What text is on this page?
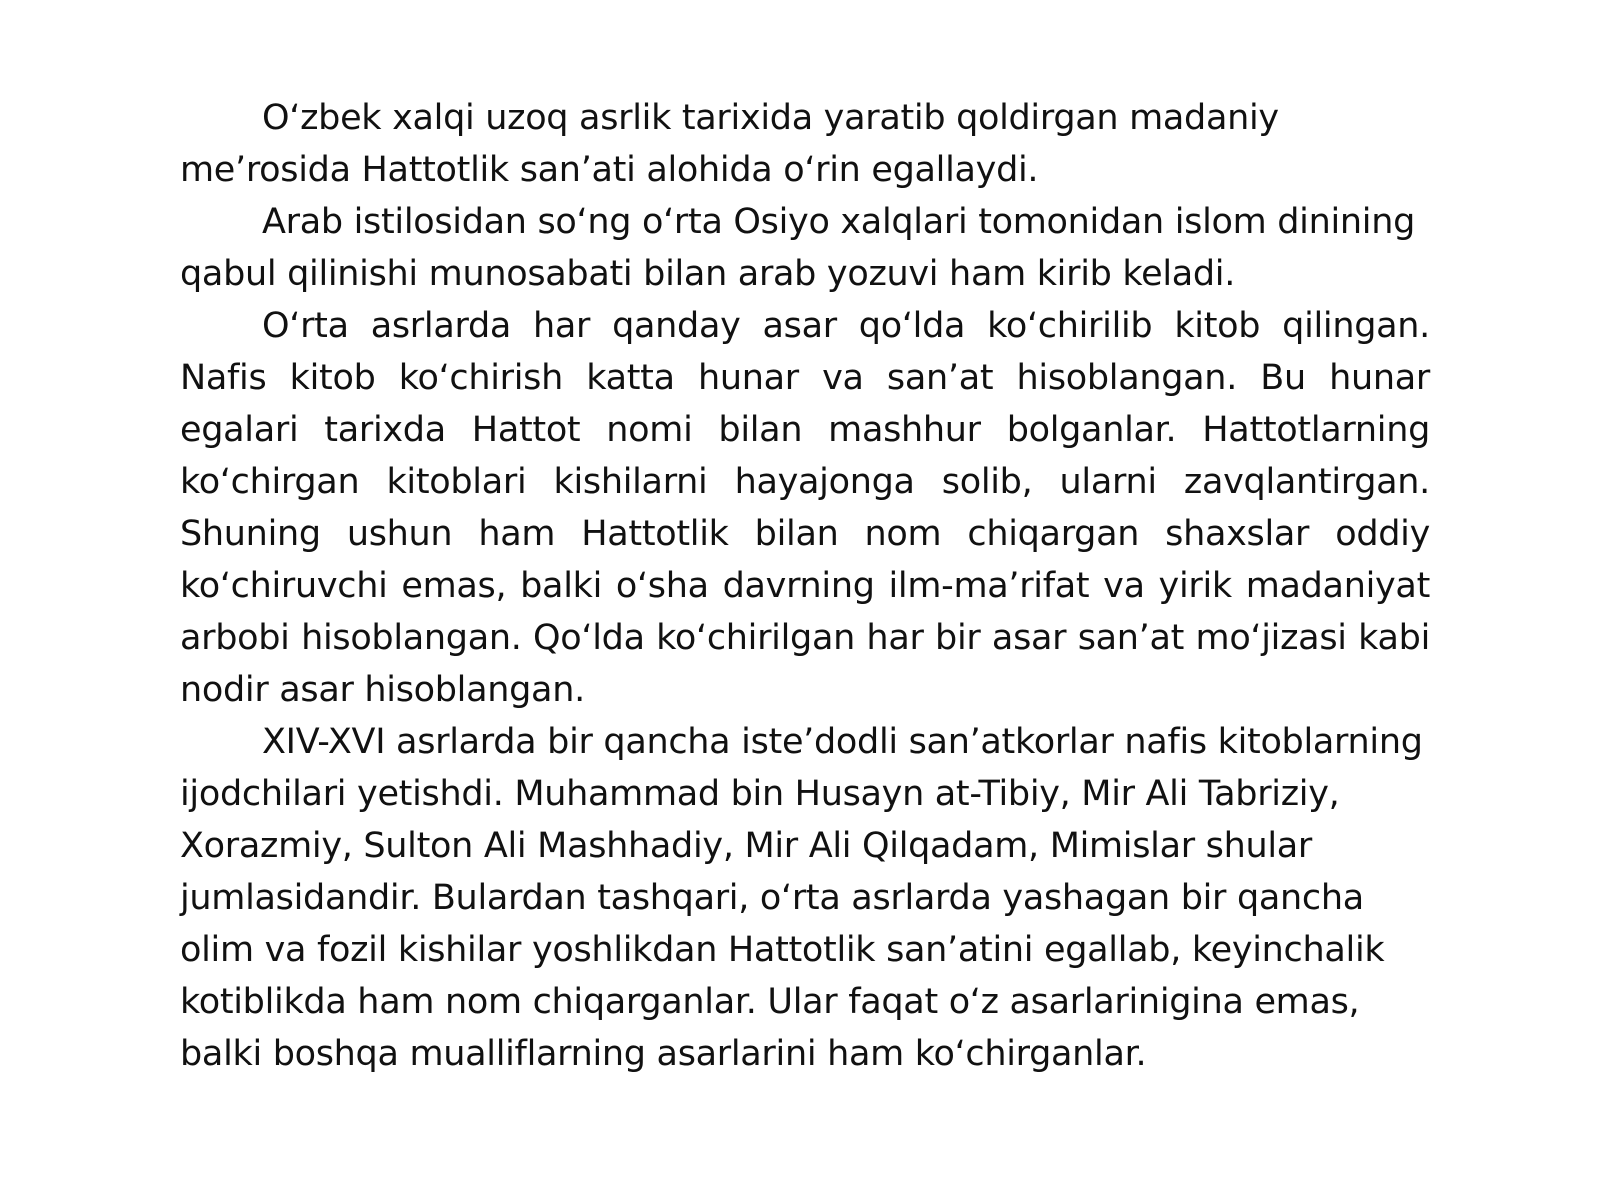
O‘zbek xalqi uzoq asrlik tarixida yaratib qoldirgan madaniy me’rosida Hattotlik san’ati alohida o‘rin egallaydi.

Arab istilosidan so‘ng o‘rta Osiyo xalqlari tomonidan islom dinining qabul qilinishi munosabati bilan arab yozuvi ham kirib keladi.

O‘rta asrlarda har qanday asar qo‘lda ko‘chirilib kitob qilingan. Nafis kitob ko‘chirish katta hunar va san’at hisoblangan. Bu hunar egalari tarixda Hattot nomi bilan mashhur bolganlar. Hattotlarning ko‘chirgan kitoblari kishilarni hayajonga solib, ularni zavqlantirgan. Shuning ushun ham Hattotlik bilan nom chiqargan shaxslar oddiy ko‘chiruvchi emas, balki o‘sha davrning ilm-ma’rifat va yirik madaniyat arbobi hisoblangan. Qo‘lda ko‘chirilgan har bir asar san’at mo‘jizasi kabi nodir asar hisoblangan.

XIV-XVI asrlarda bir qancha iste’dodli san’atkorlar nafis kitoblarning ijodchilari yetishdi. Muhammad bin Husayn at-Tibiy, Mir Ali Tabriziy, Xorazmiy, Sulton Ali Mashhadiy, Mir Ali Qilqadam, Mimislar shular jumlasidandir. Bulardan tashqari, o‘rta asrlarda yashagan bir qancha olim va fozil kishilar yoshlikdan Hattotlik san’atini egallab, keyinchalik kotiblikda ham nom chiqarganlar. Ular faqat o‘z asarlarinigina emas, balki boshqa mualliflarning asarlarini ham ko‘chirganlar.
